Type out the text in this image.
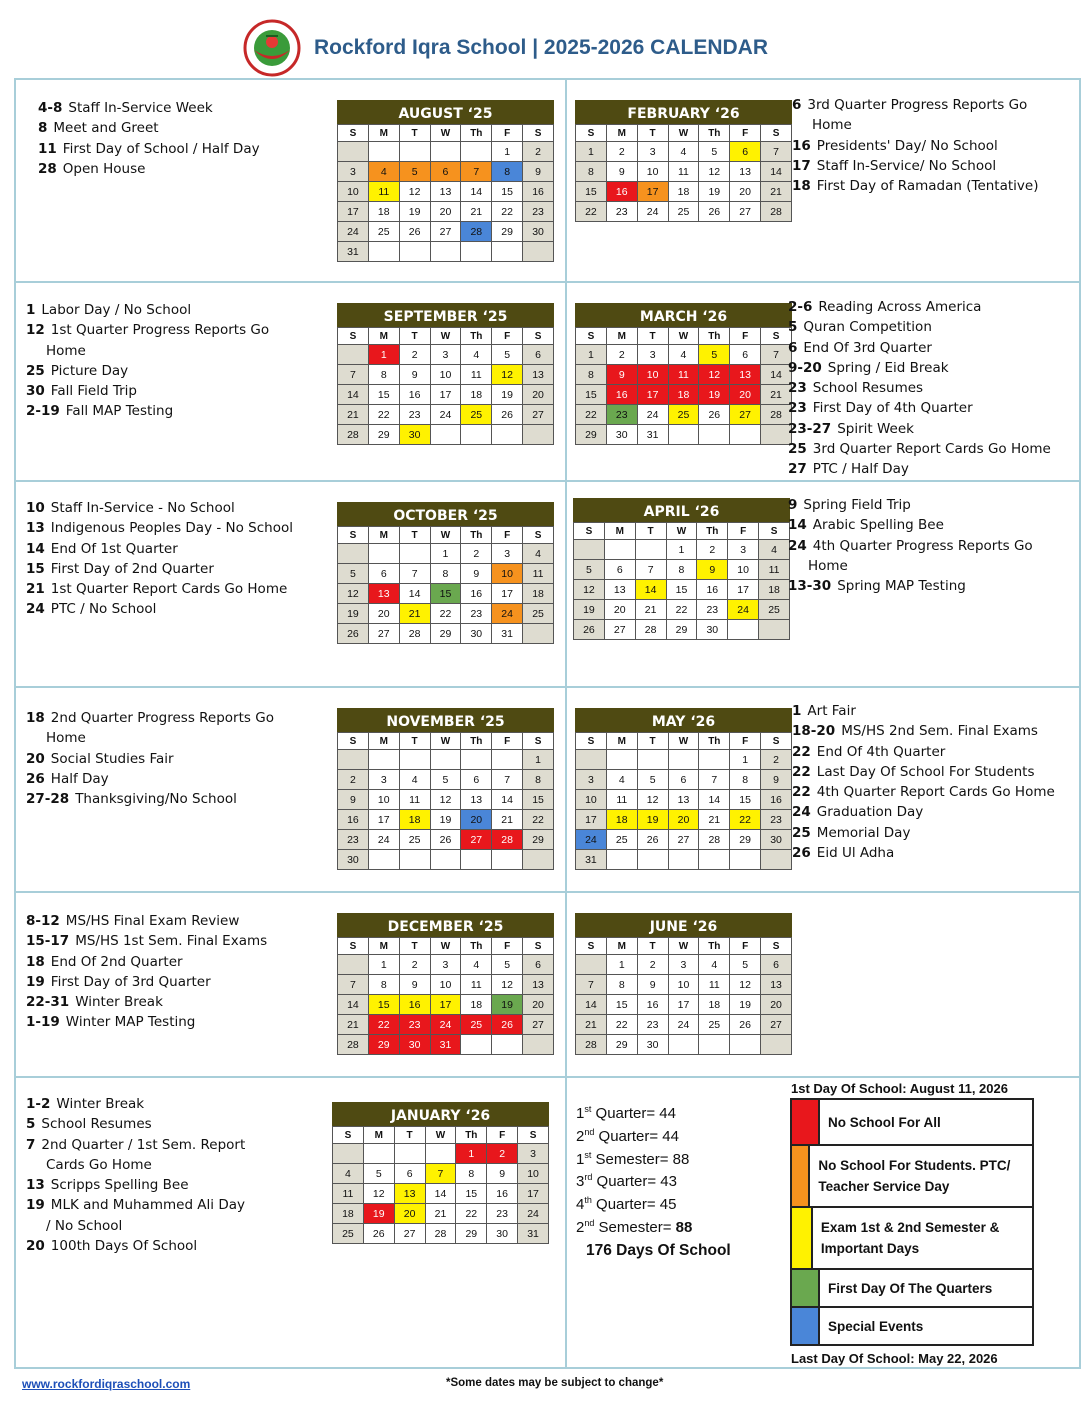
Rockford Iqra School | 2025-2026 CALENDAR
AUGUST ‘25
S	M	T	W	Th	F	S
					1	2
3	4	5	6	7	8	9
10	11	12	13	14	15	16
17	18	19	20	21	22	23
24	25	26	27	28	29	30
31						
4-8 Staff In-Service Week
8 Meet and Greet
11 First Day of School / Half Day
28 Open House
FEBRUARY ‘26
S	M	T	W	Th	F	S
1	2	3	4	5	6	7
8	9	10	11	12	13	14
15	16	17	18	19	20	21
22	23	24	25	26	27	28
6 3rd Quarter Progress Reports Go
Home
16 Presidents' Day/ No School
17 Staff In-Service/ No School
18 First Day of Ramadan (Tentative)
SEPTEMBER ‘25
S	M	T	W	Th	F	S
	1	2	3	4	5	6
7	8	9	10	11	12	13
14	15	16	17	18	19	20
21	22	23	24	25	26	27
28	29	30				
1 Labor Day / No School
12 1st Quarter Progress Reports Go
Home
25 Picture Day
30 Fall Field Trip
2-19 Fall MAP Testing
MARCH ‘26
S	M	T	W	Th	F	S
1	2	3	4	5	6	7
8	9	10	11	12	13	14
15	16	17	18	19	20	21
22	23	24	25	26	27	28
29	30	31				
2-6 Reading Across America
5 Quran Competition
6 End Of 3rd Quarter
9-20 Spring / Eid Break
23 School Resumes
23 First Day of 4th Quarter
23-27 Spirit Week
25 3rd Quarter Report Cards Go Home
27 PTC / Half Day
OCTOBER ‘25
S	M	T	W	Th	F	S
			1	2	3	4
5	6	7	8	9	10	11
12	13	14	15	16	17	18
19	20	21	22	23	24	25
26	27	28	29	30	31	
10 Staff In-Service - No School
13 Indigenous Peoples Day - No School
14 End Of 1st Quarter
15 First Day of 2nd Quarter
21 1st Quarter Report Cards Go Home
24 PTC / No School
APRIL ‘26
S	M	T	W	Th	F	S
			1	2	3	4
5	6	7	8	9	10	11
12	13	14	15	16	17	18
19	20	21	22	23	24	25
26	27	28	29	30		
9 Spring Field Trip
14 Arabic Spelling Bee
24 4th Quarter Progress Reports Go
Home
13-30 Spring MAP Testing
NOVEMBER ‘25
S	M	T	W	Th	F	S
						1
2	3	4	5	6	7	8
9	10	11	12	13	14	15
16	17	18	19	20	21	22
23	24	25	26	27	28	29
30						
18 2nd Quarter Progress Reports Go
Home
20 Social Studies Fair
26 Half Day
27-28 Thanksgiving/No School
MAY ‘26
S	M	T	W	Th	F	S
					1	2
3	4	5	6	7	8	9
10	11	12	13	14	15	16
17	18	19	20	21	22	23
24	25	26	27	28	29	30
31						
1 Art Fair
18-20 MS/HS 2nd Sem. Final Exams
22 End Of 4th Quarter
22 Last Day Of School For Students
22 4th Quarter Report Cards Go Home
24 Graduation Day
25 Memorial Day
26 Eid Ul Adha
DECEMBER ‘25
S	M	T	W	Th	F	S
	1	2	3	4	5	6
7	8	9	10	11	12	13
14	15	16	17	18	19	20
21	22	23	24	25	26	27
28	29	30	31			
8-12 MS/HS Final Exam Review
15-17 MS/HS 1st Sem. Final Exams
18 End Of 2nd Quarter
19 First Day of 3rd Quarter
22-31 Winter Break
1-19 Winter MAP Testing
JUNE ‘26
S	M	T	W	Th	F	S
	1	2	3	4	5	6
7	8	9	10	11	12	13
14	15	16	17	18	19	20
21	22	23	24	25	26	27
28	29	30				
JANUARY ‘26
S	M	T	W	Th	F	S
				1	2	3
4	5	6	7	8	9	10
11	12	13	14	15	16	17
18	19	20	21	22	23	24
25	26	27	28	29	30	31
1-2 Winter Break
5 School Resumes
7 2nd Quarter / 1st Sem. Report
Cards Go Home
13 Scripps Spelling Bee
19 MLK and Muhammed Ali Day
/ No School
20 100th Days Of School
1st Quarter= 44
2nd Quarter= 44
1st Semester= 88
3rd Quarter= 43
4th Quarter= 45
2nd Semester= 88
176 Days Of School
1st Day Of School: August 11, 2026
No School For All
No School For Students. PTC/ Teacher Service Day
Exam 1st & 2nd Semester & Important Days
First Day Of The Quarters
Special Events
Last Day Of School: May 22, 2026
www.rockfordiqraschool.com	*Some dates may be subject to change*
